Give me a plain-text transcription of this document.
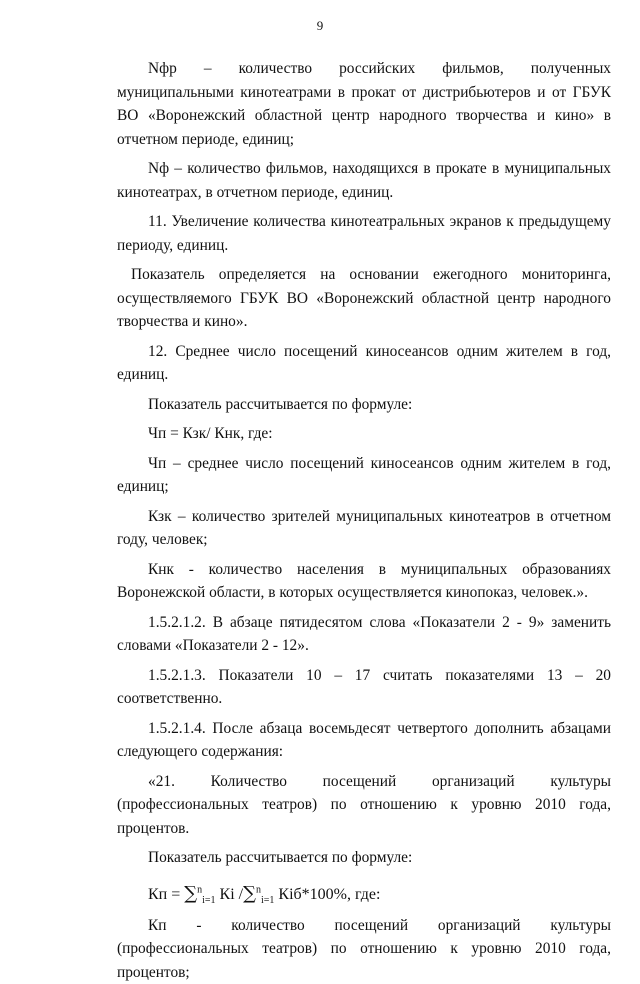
9

Nфр – количество российских фильмов, полученных муниципальными кинотеатрами в прокат от дистрибьютеров и от ГБУК ВО «Воронежский областной центр народного творчества и кино» в отчетном периоде, единиц;

Nф – количество фильмов, находящихся в прокате в муниципальных кинотеатрах, в отчетном периоде, единиц.

11. Увеличение количества кинотеатральных экранов к предыдущему периоду, единиц.

Показатель определяется на основании ежегодного мониторинга, осуществляемого ГБУК ВО «Воронежский областной центр народного творчества и кино».

12. Среднее число посещений киносеансов одним жителем в год, единиц.

Показатель рассчитывается по формуле:

Чп = Кзк/ Кнк, где:

Чп – среднее число посещений киносеансов одним жителем в год, единиц;

Кзк – количество зрителей муниципальных кинотеатров в отчетном году, человек;

Кнк - количество населения в муниципальных образованиях Воронежской области, в которых осуществляется кинопоказ, человек.».

1.5.2.1.2. В абзаце пятидесятом слова «Показатели 2 - 9» заменить словами «Показатели 2 - 12».

1.5.2.1.3. Показатели 10 – 17 считать показателями 13 – 20 соответственно.

1.5.2.1.4. После абзаца восемьдесят четвертого дополнить абзацами следующего содержания:

«21. Количество посещений организаций культуры (профессиональных театров) по отношению к уровню 2010 года, процентов.

Показатель рассчитывается по формуле:

Кп = ∑$^n_{i=1}$ Кi /∑$^n_{i=1}$ Кiб*100%, где:

Кп - количество посещений организаций культуры (профессиональных театров) по отношению к уровню 2010 года, процентов;
